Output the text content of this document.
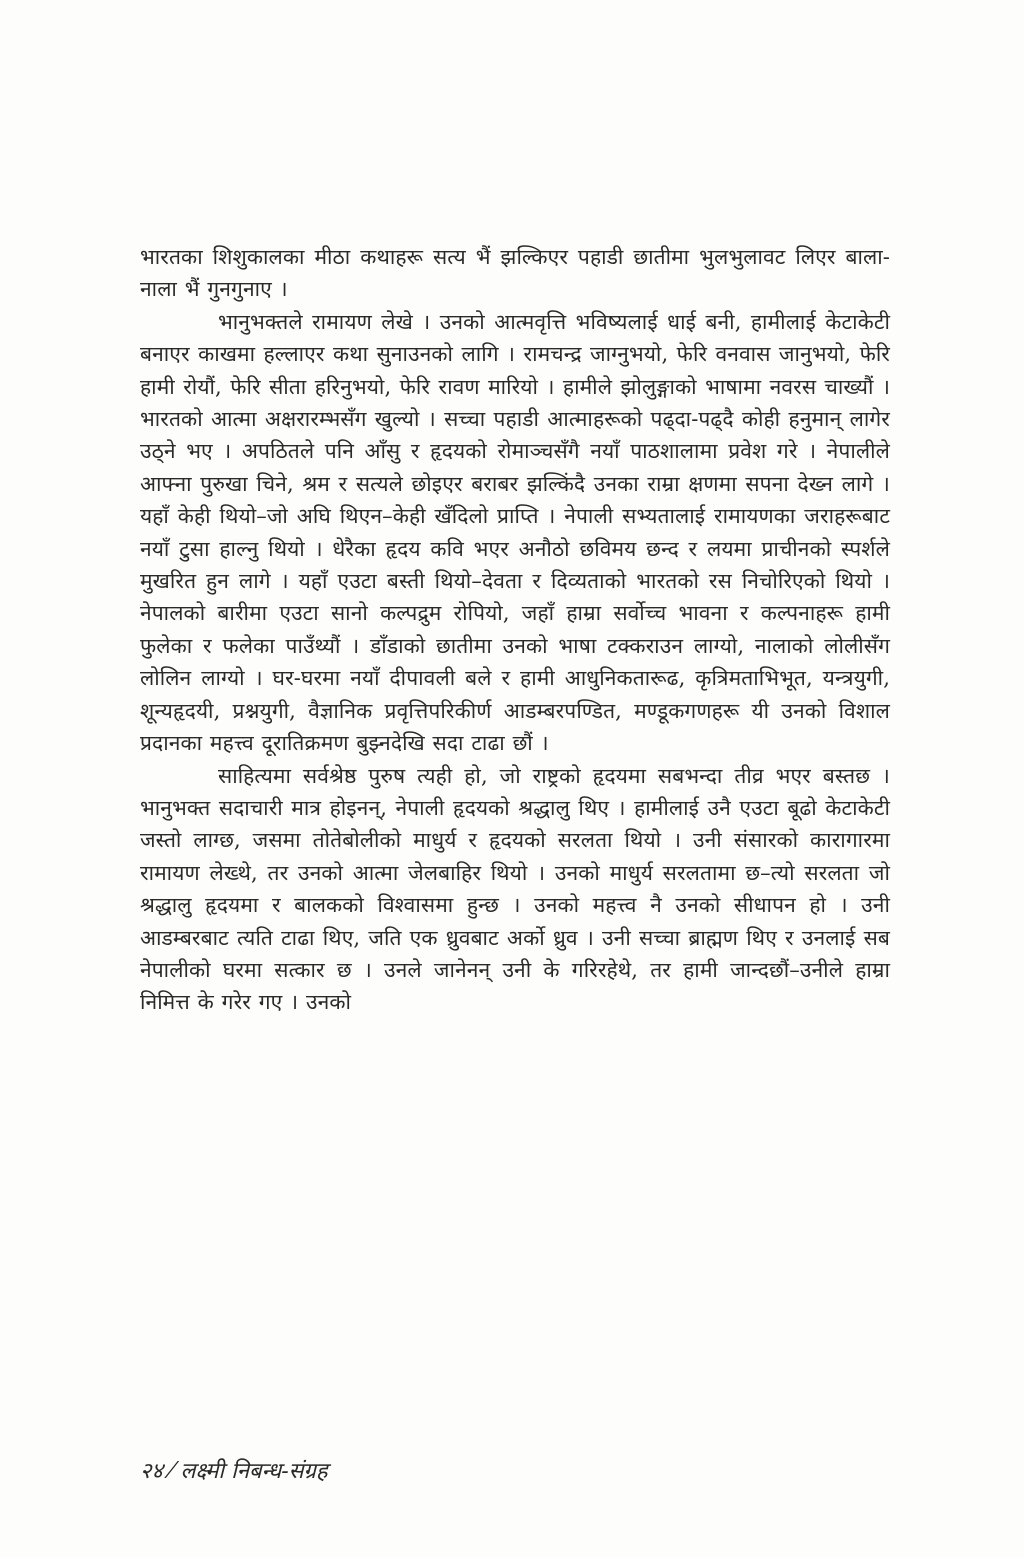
भारतका शिशुकालका मीठा कथाहरू सत्य भैं झल्किएर पहाडी छातीमा भुलभुलावट लिएर बाला-नाला भैं गुनगुनाए ।

भानुभक्तले रामायण लेखे । उनको आत्मवृत्ति भविष्यलाई धाई बनी, हामीलाई केटाकेटी बनाएर काखमा हल्लाएर कथा सुनाउनको लागि । रामचन्द्र जाग्नुभयो, फेरि वनवास जानुभयो, फेरि हामी रोयौं, फेरि सीता हरिनुभयो, फेरि रावण मारियो । हामीले झोलुङ्गाको भाषामा नवरस चाख्यौं । भारतको आत्मा अक्षरारम्भसँग खुल्यो । सच्चा पहाडी आत्माहरूको पढ्दा-पढ्दै कोही हनुमान् लागेर उठ्ने भए । अपठितले पनि आँसु र हृदयको रोमाञ्चसँगै नयाँ पाठशालामा प्रवेश गरे । नेपालीले आफ्ना पुरुखा चिने, श्रम र सत्यले छोइएर बराबर झल्किंदै उनका राम्रा क्षणमा सपना देख्न लागे । यहाँ केही थियो–जो अघि थिएन–केही खँदिलो प्राप्ति । नेपाली सभ्यतालाई रामायणका जराहरूबाट नयाँ टुसा हाल्नु थियो । धेरैका हृदय कवि भएर अनौठो छविमय छन्द र लयमा प्राचीनको स्पर्शले मुखरित हुन लागे । यहाँ एउटा बस्ती थियो–देवता र दिव्यताको भारतको रस निचोरिएको थियो । नेपालको बारीमा एउटा सानो कल्पद्रुम रोपियो, जहाँ हाम्रा सर्वोच्च भावना र कल्पनाहरू हामी फुलेका र फलेका पाउँथ्यौं । डाँडाको छातीमा उनको भाषा टक्कराउन लाग्यो, नालाको लोलीसँग लोलिन लाग्यो । घर-घरमा नयाँ दीपावली बले र हामी आधुनिकतारूढ, कृत्रिमताभिभूत, यन्त्रयुगी, शून्यहृदयी, प्रश्नयुगी, वैज्ञानिक प्रवृत्तिपरिकीर्ण आडम्बरपण्डित, मण्डूकगणहरू यी उनको विशाल प्रदानका महत्त्व दूरातिक्रमण बुझ्नदेखि सदा टाढा छौं ।

साहित्यमा सर्वश्रेष्ठ पुरुष त्यही हो, जो राष्ट्रको हृदयमा सबभन्दा तीव्र भएर बस्तछ । भानुभक्त सदाचारी मात्र होइनन्, नेपाली हृदयको श्रद्धालु थिए । हामीलाई उनै एउटा बूढो केटाकेटी जस्तो लाग्छ, जसमा तोतेबोलीको माधुर्य र हृदयको सरलता थियो । उनी संसारको कारागारमा रामायण लेख्थे, तर उनको आत्मा जेलबाहिर थियो । उनको माधुर्य सरलतामा छ–त्यो सरलता जो श्रद्धालु हृदयमा र बालकको विश्वासमा हुन्छ । उनको महत्त्व नै उनको सीधापन हो । उनी आडम्बरबाट त्यति टाढा थिए, जति एक ध्रुवबाट अर्को ध्रुव । उनी सच्चा ब्राह्मण थिए र उनलाई सब नेपालीको घरमा सत्कार छ । उनले जानेनन् उनी के गरिरहेथे, तर हामी जान्दछौं–उनीले हाम्रा निमित्त के गरेर गए । उनको

२४ ⁄ लक्ष्मी निबन्ध-संग्रह
